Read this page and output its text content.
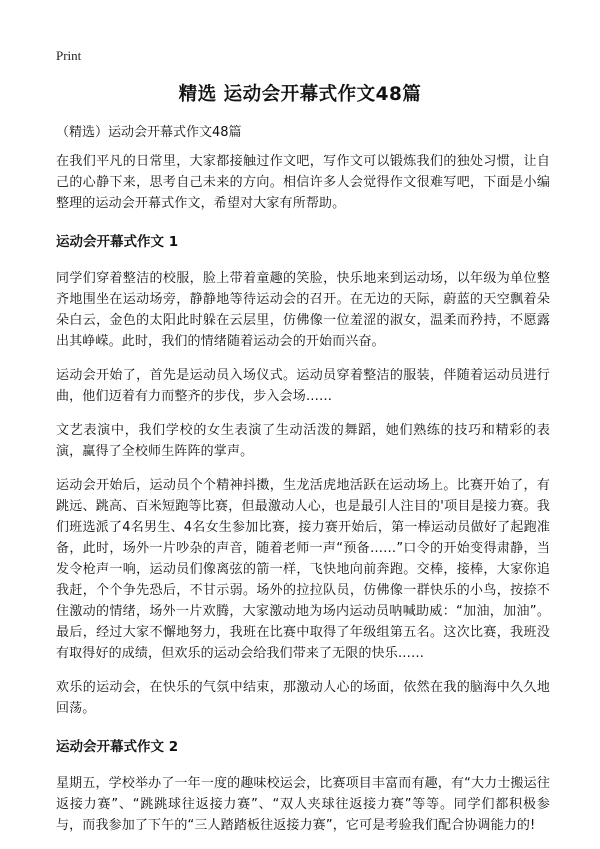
Print
精选 运动会开幕式作文48篇
（精选）运动会开幕式作文48篇

在我们平凡的日常里，大家都接触过作文吧，写作文可以锻炼我们的独处习惯，让自己的心静下来，思考自己未来的方向。相信许多人会觉得作文很难写吧，下面是小编整理的运动会开幕式作文，希望对大家有所帮助。

运动会开幕式作文 1

同学们穿着整洁的校服，脸上带着童趣的笑脸，快乐地来到运动场，以年级为单位整齐地围坐在运动场旁，静静地等待运动会的召开。在无边的天际，蔚蓝的天空飘着朵朵白云，金色的太阳此时躲在云层里，仿佛像一位羞涩的淑女，温柔而矜持，不愿露出其峥嵘。此时，我们的情绪随着运动会的开始而兴奋。

运动会开始了，首先是运动员入场仪式。运动员穿着整洁的服装，伴随着运动员进行曲，他们迈着有力而整齐的步伐，步入会场……

文艺表演中，我们学校的女生表演了生动活泼的舞蹈，她们熟练的技巧和精彩的表演，赢得了全校师生阵阵的掌声。

运动会开始后，运动员个个精神抖擞，生龙活虎地活跃在运动场上。比赛开始了，有跳远、跳高、百米短跑等比赛，但最激动人心，也是最引人注目的'项目是接力赛。我们班选派了4名男生、4名女生参加比赛，接力赛开始后，第一棒运动员做好了起跑准备，此时，场外一片吵杂的声音，随着老师一声“预备……”口令的开始变得肃静，当发令枪声一响，运动员们像离弦的箭一样，飞快地向前奔跑。交棒，接棒，大家你追我赶，个个争先恐后，不甘示弱。场外的拉拉队员，仿佛像一群快乐的小鸟，按捺不住激动的情绪，场外一片欢腾，大家激动地为场内运动员呐喊助威：“加油，加油”。最后，经过大家不懈地努力，我班在比赛中取得了年级组第五名。这次比赛，我班没有取得好的成绩，但欢乐的运动会给我们带来了无限的快乐……

欢乐的运动会，在快乐的气氛中结束，那激动人心的场面，依然在我的脑海中久久地回荡。

运动会开幕式作文 2

星期五，学校举办了一年一度的趣味校运会，比赛项目丰富而有趣，有“大力士搬运往返接力赛”、“跳跳球往返接力赛”、“双人夹球往返接力赛”等等。同学们都积极参与，而我参加了下午的“三人踏踏板往返接力赛”，它可是考验我们配合协调能力的!
